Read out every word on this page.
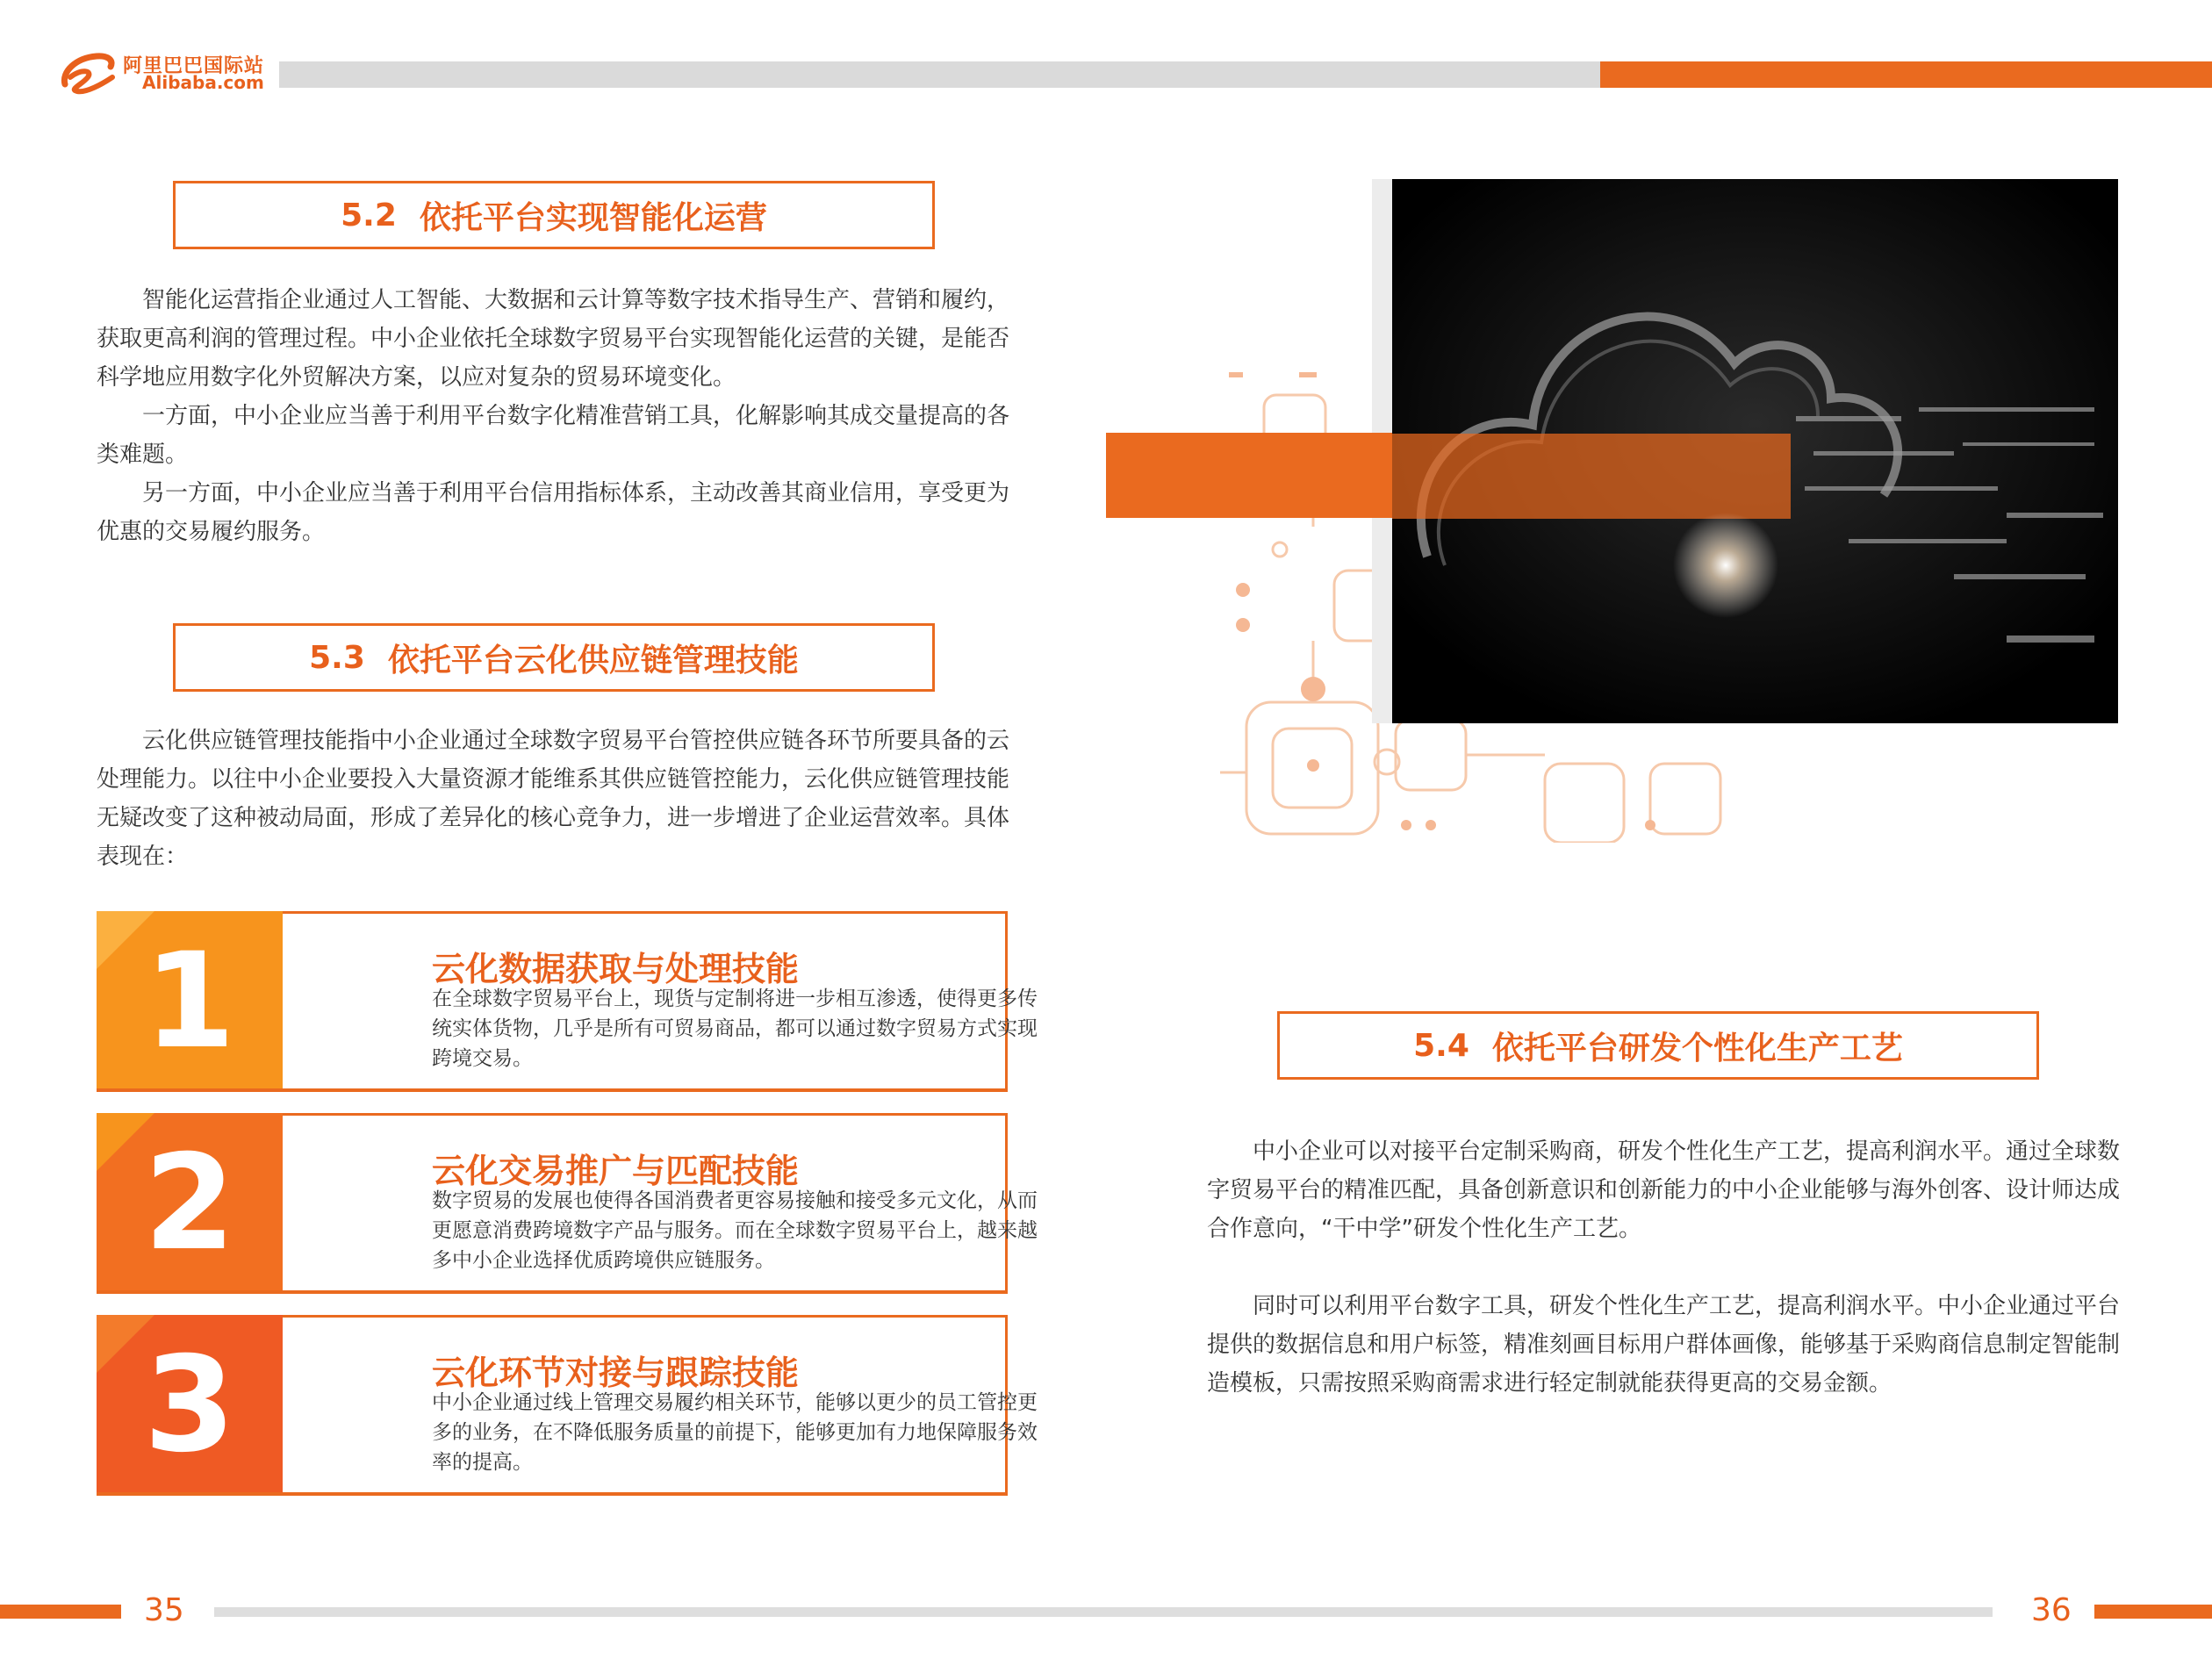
阿里巴巴国际站
Alibaba.com
5.2 依托平台实现智能化运营

智能化运营指企业通过人工智能、大数据和云计算等数字技术指导生产、营销和履约，获取更高利润的管理过程。中小企业依托全球数字贸易平台实现智能化运营的关键，是能否科学地应用数字化外贸解决方案，以应对复杂的贸易环境变化。

一方面，中小企业应当善于利用平台数字化精准营销工具，化解影响其成交量提高的各类难题。

另一方面，中小企业应当善于利用平台信用指标体系，主动改善其商业信用，享受更为优惠的交易履约服务。

5.3 依托平台云化供应链管理技能

云化供应链管理技能指中小企业通过全球数字贸易平台管控供应链各环节所要具备的云处理能力。以往中小企业要投入大量资源才能维系其供应链管控能力，云化供应链管理技能无疑改变了这种被动局面，形成了差异化的核心竞争力，进一步增进了企业运营效率。具体表现在：

1	云化数据获取与处理技能
在全球数字贸易平台上，现货与定制将进一步相互渗透，使得更多传统实体货物，几乎是所有可贸易商品，都可以通过数字贸易方式实现跨境交易。
2	云化交易推广与匹配技能
数字贸易的发展也使得各国消费者更容易接触和接受多元文化，从而更愿意消费跨境数字产品与服务。而在全球数字贸易平台上，越来越多中小企业选择优质跨境供应链服务。
3	云化环节对接与跟踪技能
中小企业通过线上管理交易履约相关环节，能够以更少的员工管控更多的业务，在不降低服务质量的前提下，能够更加有力地保障服务效率的提高。
5.4 依托平台研发个性化生产工艺

中小企业可以对接平台定制采购商，研发个性化生产工艺，提高利润水平。通过全球数字贸易平台的精准匹配，具备创新意识和创新能力的中小企业能够与海外创客、设计师达成合作意向，“干中学”研发个性化生产工艺。

同时可以利用平台数字工具，研发个性化生产工艺，提高利润水平。中小企业通过平台提供的数据信息和用户标签，精准刻画目标用户群体画像，能够基于采购商信息制定智能制造模板，只需按照采购商需求进行轻定制就能获得更高的交易金额。

35	36
